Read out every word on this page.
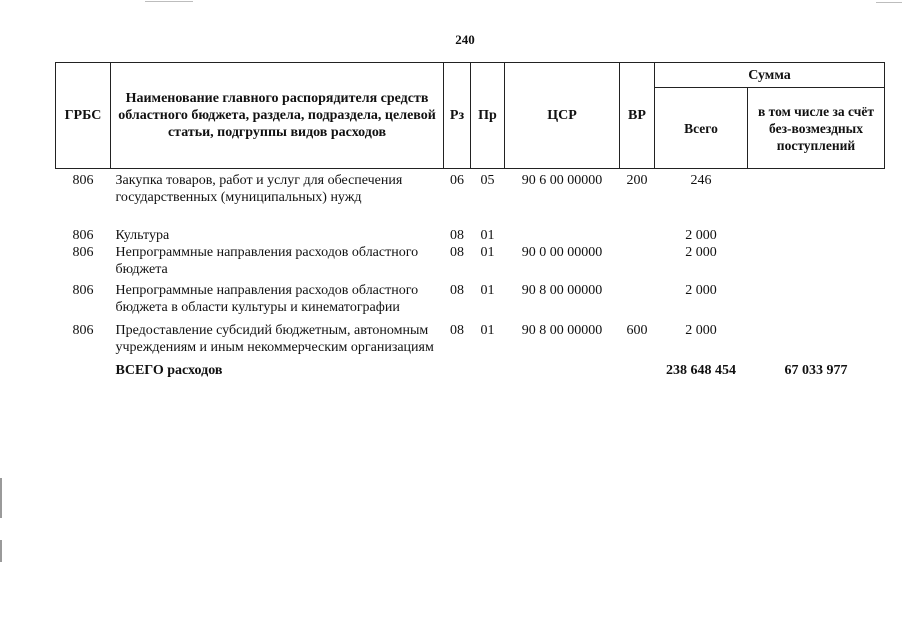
240
ГРБС	Наименование главного распорядителя средств областного бюджета, раздела, подраздела, целевой статьи, подгруппы видов расходов	Рз	Пр	ЦСР	ВР	Сумма	
						Всего	в том числе за счёт без-возмездных поступлений
806	Закупка товаров, работ и услуг для обеспечения государственных (муниципальных) нужд	06	05	90 6 00 00000	200	246	

806	Культура	08	01			2 000	
806	Непрограммные направления расходов областного бюджета	08	01	90 0 00 00000		2 000	
806	Непрограммные направления расходов областного бюджета в области культуры и кинематографии	08	01	90 8 00 00000		2 000	
806	Предоставление субсидий бюджетным, автономным учреждениям и иным некоммерческим организациям	08	01	90 8 00 00000	600	2 000	
	ВСЕГО расходов					238 648 454	67 033 977
